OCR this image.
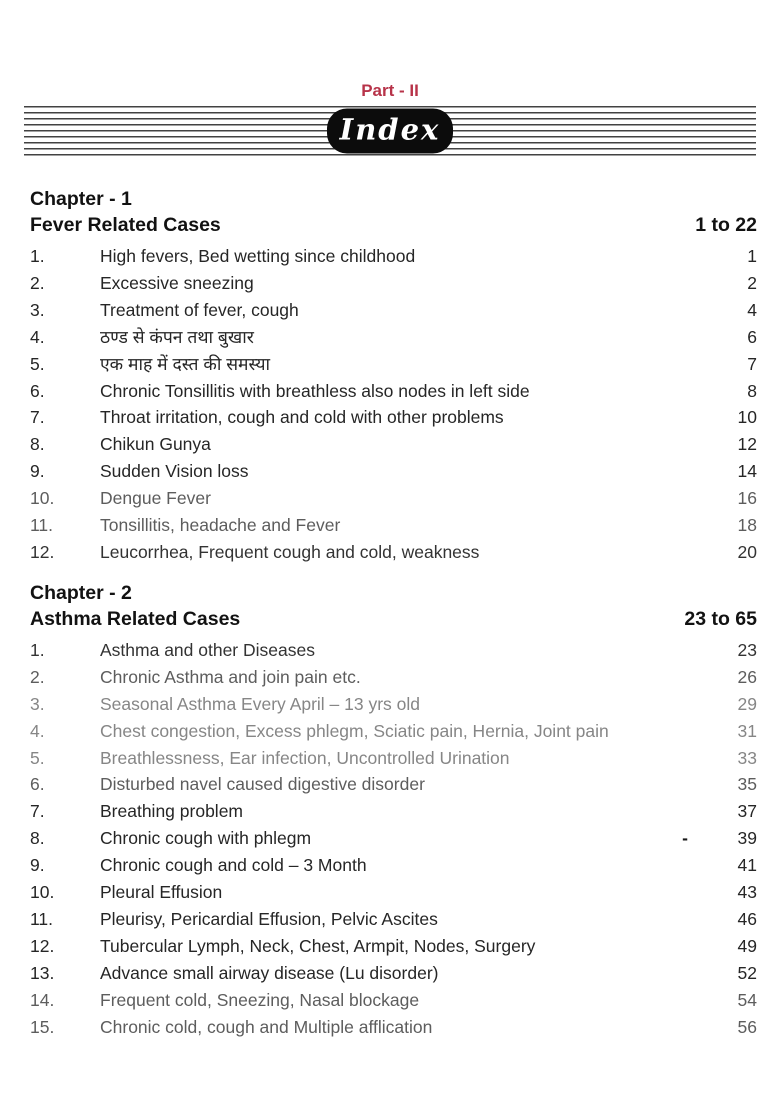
Part - II
Index
Chapter - 1
Fever Related Cases	1 to 22
1.	High fevers, Bed wetting since childhood	1
2.	Excessive sneezing	2
3.	Treatment of fever, cough	4
4.	ठण्ड से कंपन तथा बुखार	6
5.	एक माह में दस्त की समस्या	7
6.	Chronic Tonsillitis with breathless also nodes in left side	8
7.	Throat irritation, cough and cold with other problems	10
8.	Chikun Gunya	12
9.	Sudden Vision loss	14
10.	Dengue Fever	16
11.	Tonsillitis, headache and Fever	18
12.	Leucorrhea, Frequent cough and cold, weakness	20
Chapter - 2
Asthma Related Cases	23 to 65
1.	Asthma and other Diseases	23
2.	Chronic Asthma and join pain etc.	26
3.	Seasonal Asthma Every April – 13 yrs old	29
4.	Chest congestion, Excess phlegm, Sciatic pain, Hernia, Joint pain	31
5.	Breathlessness, Ear infection, Uncontrolled Urination	33
6.	Disturbed navel caused digestive disorder	35
7.	Breathing problem	37
8.	Chronic cough with phlegm	-	39
9.	Chronic cough and cold – 3 Month	41
10.	Pleural Effusion	43
11.	Pleurisy, Pericardial Effusion, Pelvic Ascites	46
12.	Tubercular Lymph, Neck, Chest, Armpit, Nodes, Surgery	49
13.	Advance small airway disease (Lu disorder)	52
14.	Frequent cold, Sneezing, Nasal blockage	54
15.	Chronic cold, cough and Multiple afflication	56
